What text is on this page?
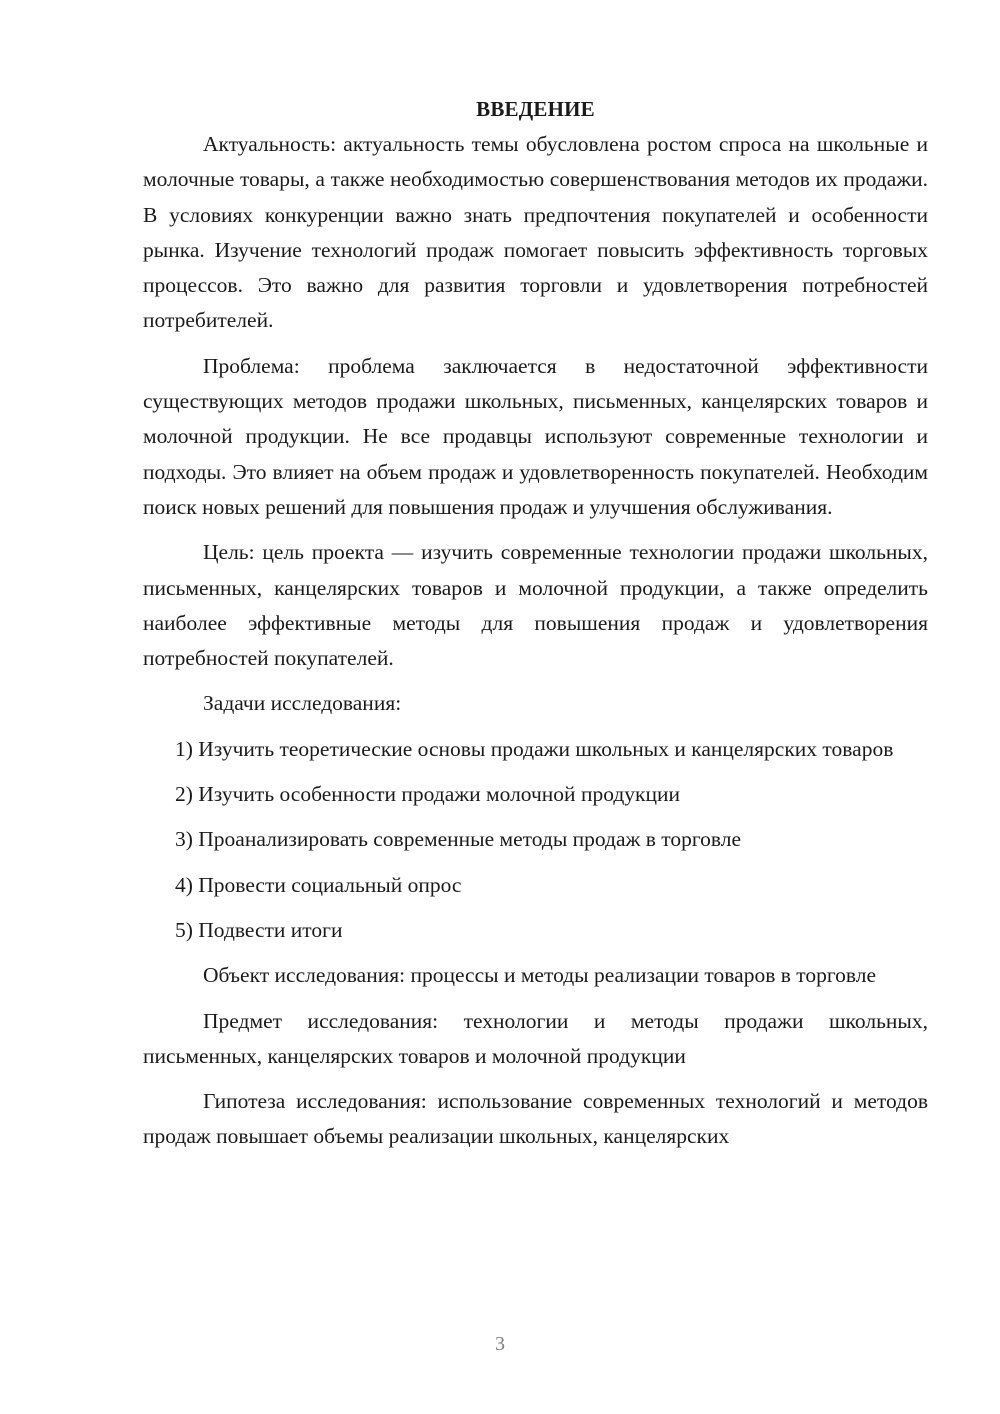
ВВЕДЕНИЕ

Актуальность: актуальность темы обусловлена ростом спроса на школьные и молочные товары, а также необходимостью совершенствования методов их продажи. В условиях конкуренции важно знать предпочтения покупателей и особенности рынка. Изучение технологий продаж помогает повысить эффективность торговых процессов. Это важно для развития торговли и удовлетворения потребностей потребителей.

Проблема: проблема заключается в недостаточной эффективности существующих методов продажи школьных, письменных, канцелярских товаров и молочной продукции. Не все продавцы используют современные технологии и подходы. Это влияет на объем продаж и удовлетворенность покупателей. Необходим поиск новых решений для повышения продаж и улучшения обслуживания.

Цель: цель проекта — изучить современные технологии продажи школьных, письменных, канцелярских товаров и молочной продукции, а также определить наиболее эффективные методы для повышения продаж и удовлетворения потребностей покупателей.

Задачи исследования:

1) Изучить теоретические основы продажи школьных и канцелярских товаров

2) Изучить особенности продажи молочной продукции

3) Проанализировать современные методы продаж в торговле

4) Провести социальный опрос

5) Подвести итоги

Объект исследования: процессы и методы реализации товаров в торговле

Предмет исследования: технологии и методы продажи школьных, письменных, канцелярских товаров и молочной продукции

Гипотеза исследования: использование современных технологий и методов продаж повышает объемы реализации школьных, канцелярских

3
